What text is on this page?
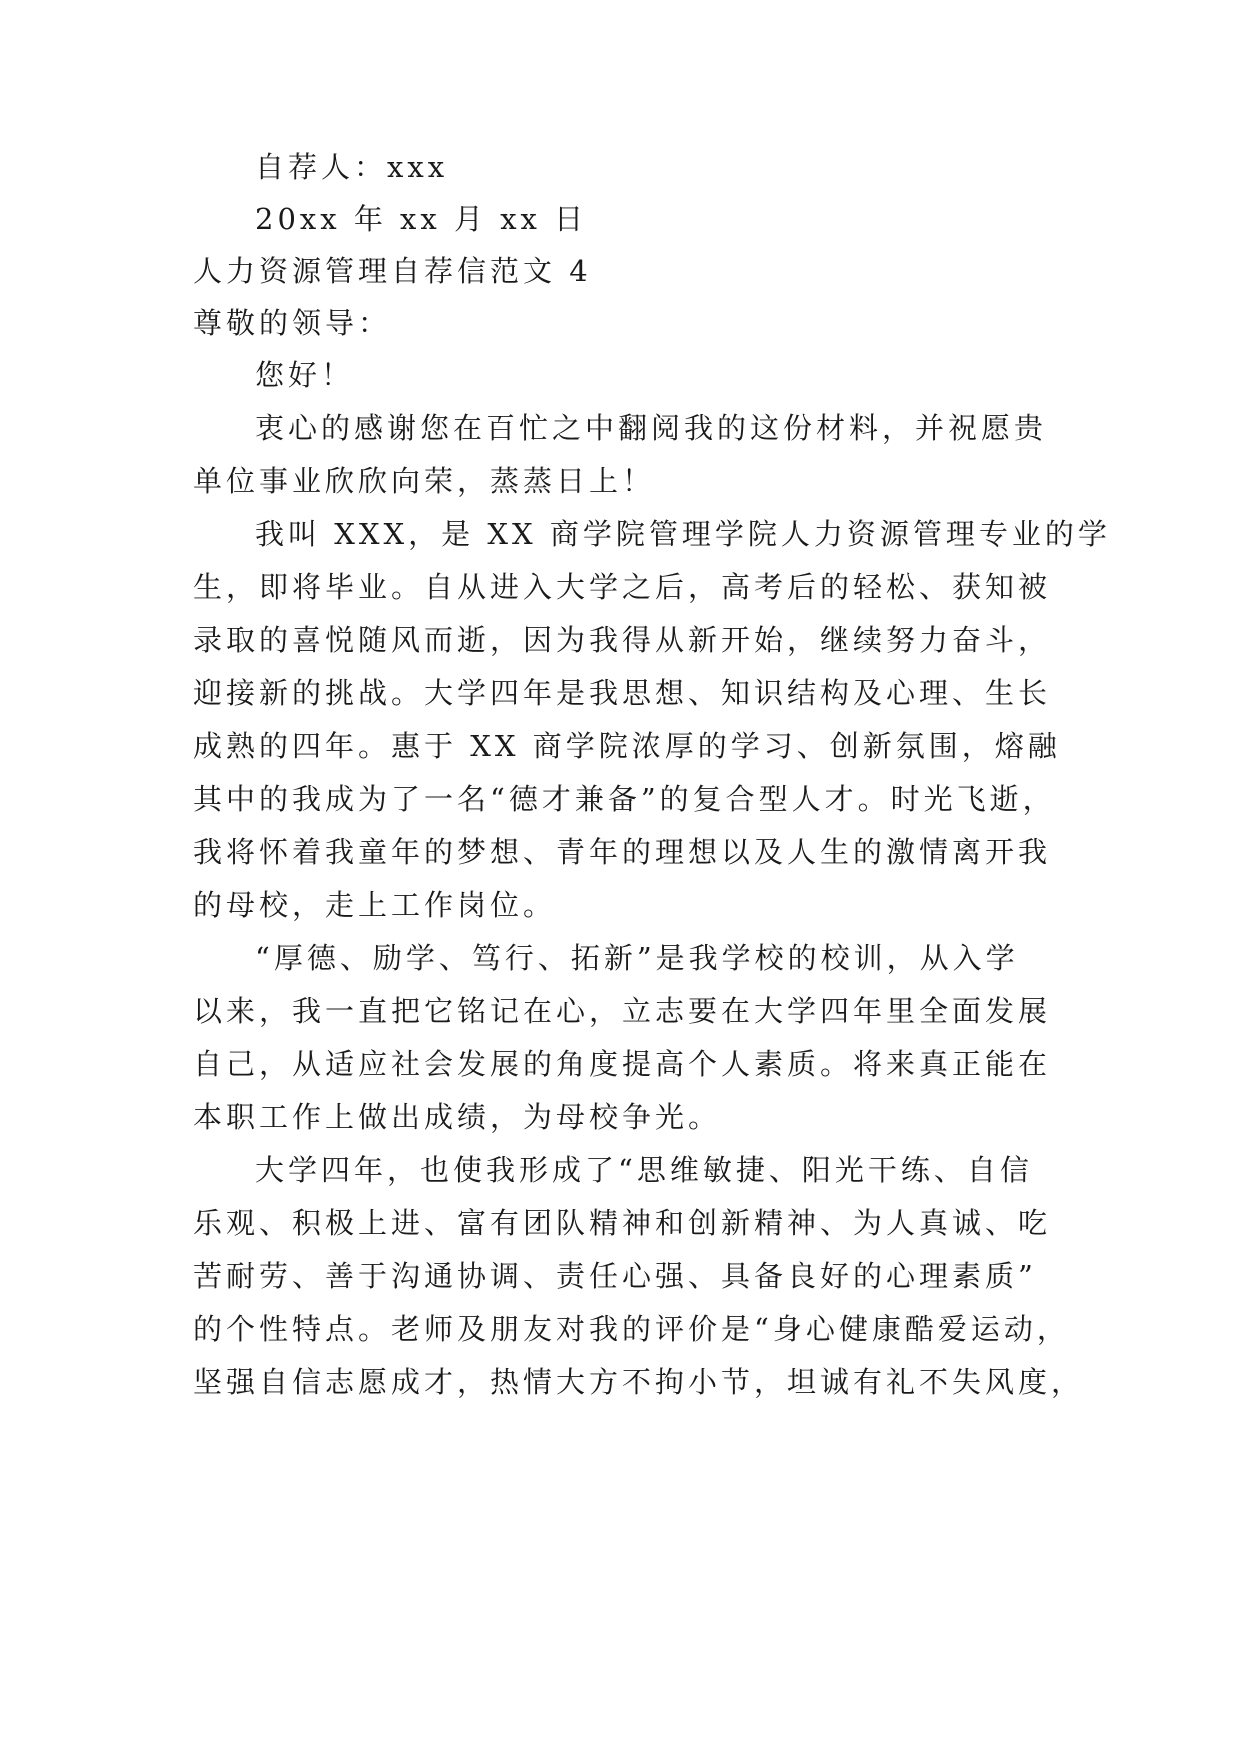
自荐人：xxx

20xx 年 xx 月 xx 日

人力资源管理自荐信范文 4

尊敬的领导：

您好！

衷心的感谢您在百忙之中翻阅我的这份材料，并祝愿贵

单位事业欣欣向荣，蒸蒸日上！

我叫 XXX，是 XX 商学院管理学院人力资源管理专业的学

生，即将毕业。自从进入大学之后，高考后的轻松、获知被

录取的喜悦随风而逝，因为我得从新开始，继续努力奋斗，

迎接新的挑战。大学四年是我思想、知识结构及心理、生长

成熟的四年。惠于 XX 商学院浓厚的学习、创新氛围，熔融

其中的我成为了一名“德才兼备”的复合型人才。时光飞逝，

我将怀着我童年的梦想、青年的理想以及人生的激情离开我

的母校，走上工作岗位。

“厚德、励学、笃行、拓新”是我学校的校训，从入学

以来，我一直把它铭记在心，立志要在大学四年里全面发展

自己，从适应社会发展的角度提高个人素质。将来真正能在

本职工作上做出成绩，为母校争光。

大学四年，也使我形成了“思维敏捷、阳光干练、自信

乐观、积极上进、富有团队精神和创新精神、为人真诚、吃

苦耐劳、善于沟通协调、责任心强、具备良好的心理素质”

的个性特点。老师及朋友对我的评价是“身心健康酷爱运动，

坚强自信志愿成才，热情大方不拘小节，坦诚有礼不失风度，
